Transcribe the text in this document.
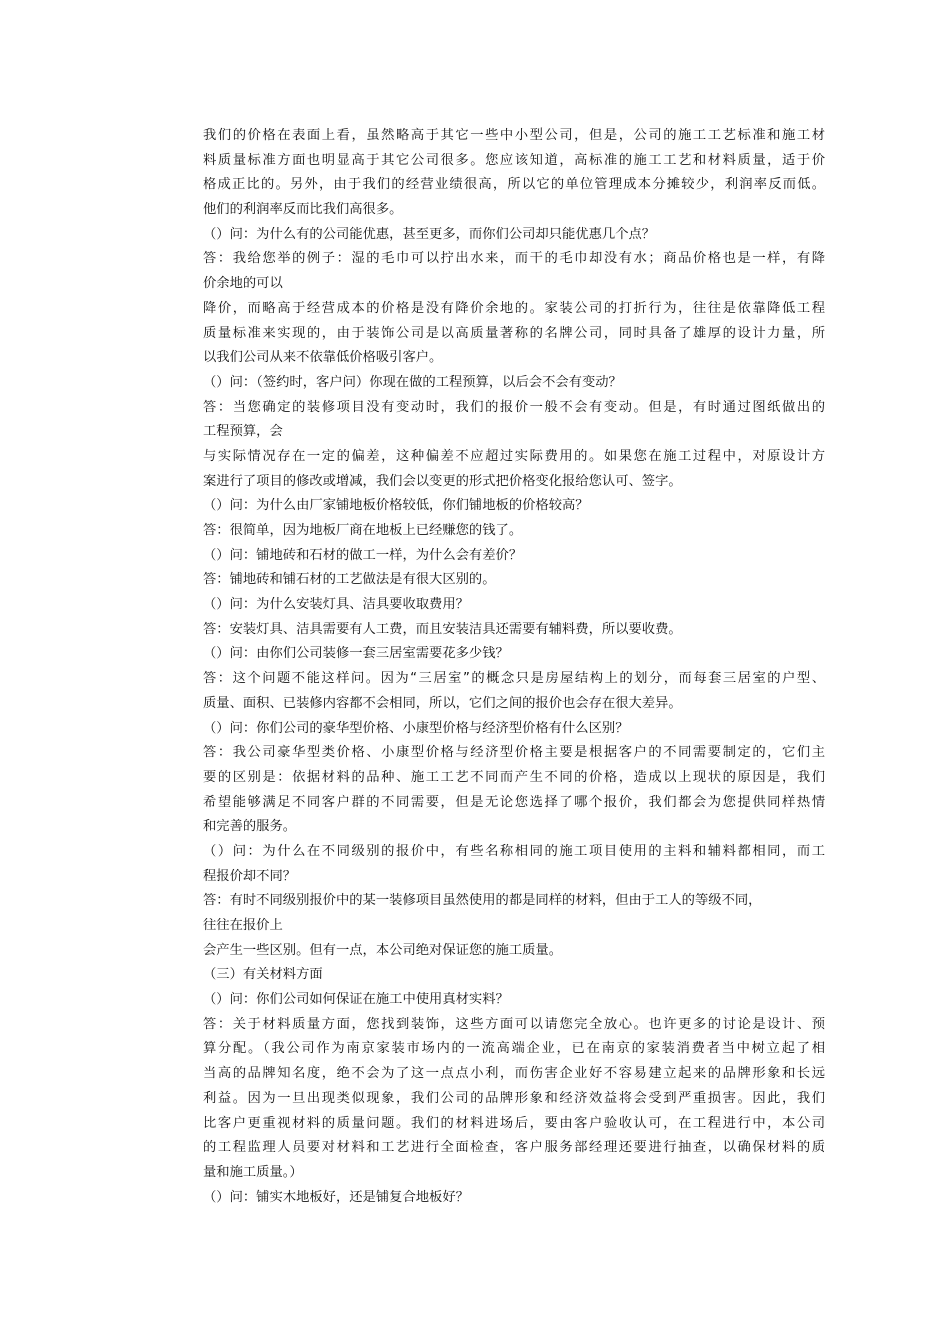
我们的价格在表面上看，虽然略高于其它一些中小型公司，但是，公司的施工工艺标准和施工材
料质量标准方面也明显高于其它公司很多。您应该知道，高标准的施工工艺和材料质量，适于价
格成正比的。另外，由于我们的经营业绩很高，所以它的单位管理成本分摊较少，利润率反而低。
他们的利润率反而比我们高很多。
（）问：为什么有的公司能优惠，甚至更多，而你们公司却只能优惠几个点？
答：我给您举的例子：湿的毛巾可以拧出水来，而干的毛巾却没有水；商品价格也是一样，有降
价余地的可以
降价，而略高于经营成本的价格是没有降价余地的。家装公司的打折行为，往往是依靠降低工程
质量标准来实现的，由于装饰公司是以高质量著称的名牌公司，同时具备了雄厚的设计力量，所
以我们公司从来不依靠低价格吸引客户。
（）问：（签约时，客户问）你现在做的工程预算，以后会不会有变动？
答：当您确定的装修项目没有变动时，我们的报价一般不会有变动。但是，有时通过图纸做出的
工程预算，会
与实际情况存在一定的偏差，这种偏差不应超过实际费用的。如果您在施工过程中，对原设计方
案进行了项目的修改或增减，我们会以变更的形式把价格变化报给您认可、签字。
（）问：为什么由厂家铺地板价格较低，你们铺地板的价格较高？
答：很简单，因为地板厂商在地板上已经赚您的钱了。
（）问：铺地砖和石材的做工一样，为什么会有差价？
答：铺地砖和铺石材的工艺做法是有很大区别的。
（）问：为什么安装灯具、洁具要收取费用？
答：安装灯具、洁具需要有人工费，而且安装洁具还需要有辅料费，所以要收费。
（）问：由你们公司装修一套三居室需要花多少钱？
答：这个问题不能这样问。因为“三居室”的概念只是房屋结构上的划分，而每套三居室的户型、
质量、面积、已装修内容都不会相同，所以，它们之间的报价也会存在很大差异。
（）问：你们公司的豪华型价格、小康型价格与经济型价格有什么区别？
答：我公司豪华型类价格、小康型价格与经济型价格主要是根据客户的不同需要制定的，它们主
要的区别是：依据材料的品种、施工工艺不同而产生不同的价格，造成以上现状的原因是，我们
希望能够满足不同客户群的不同需要，但是无论您选择了哪个报价，我们都会为您提供同样热情
和完善的服务。
（）问：为什么在不同级别的报价中，有些名称相同的施工项目使用的主料和辅料都相同，而工
程报价却不同？
答：有时不同级别报价中的某一装修项目虽然使用的都是同样的材料，但由于工人的等级不同，
往往在报价上
会产生一些区别。但有一点，本公司绝对保证您的施工质量。
（三）有关材料方面
（）问：你们公司如何保证在施工中使用真材实料？
答：关于材料质量方面，您找到装饰，这些方面可以请您完全放心。也许更多的讨论是设计、预
算分配。（我公司作为南京家装市场内的一流高端企业，已在南京的家装消费者当中树立起了相
当高的品牌知名度，绝不会为了这一点点小利，而伤害企业好不容易建立起来的品牌形象和长远
利益。因为一旦出现类似现象，我们公司的品牌形象和经济效益将会受到严重损害。因此，我们
比客户更重视材料的质量问题。我们的材料进场后，要由客户验收认可，在工程进行中，本公司
的工程监理人员要对材料和工艺进行全面检查，客户服务部经理还要进行抽查，以确保材料的质
量和施工质量。）
（）问：铺实木地板好，还是铺复合地板好？
